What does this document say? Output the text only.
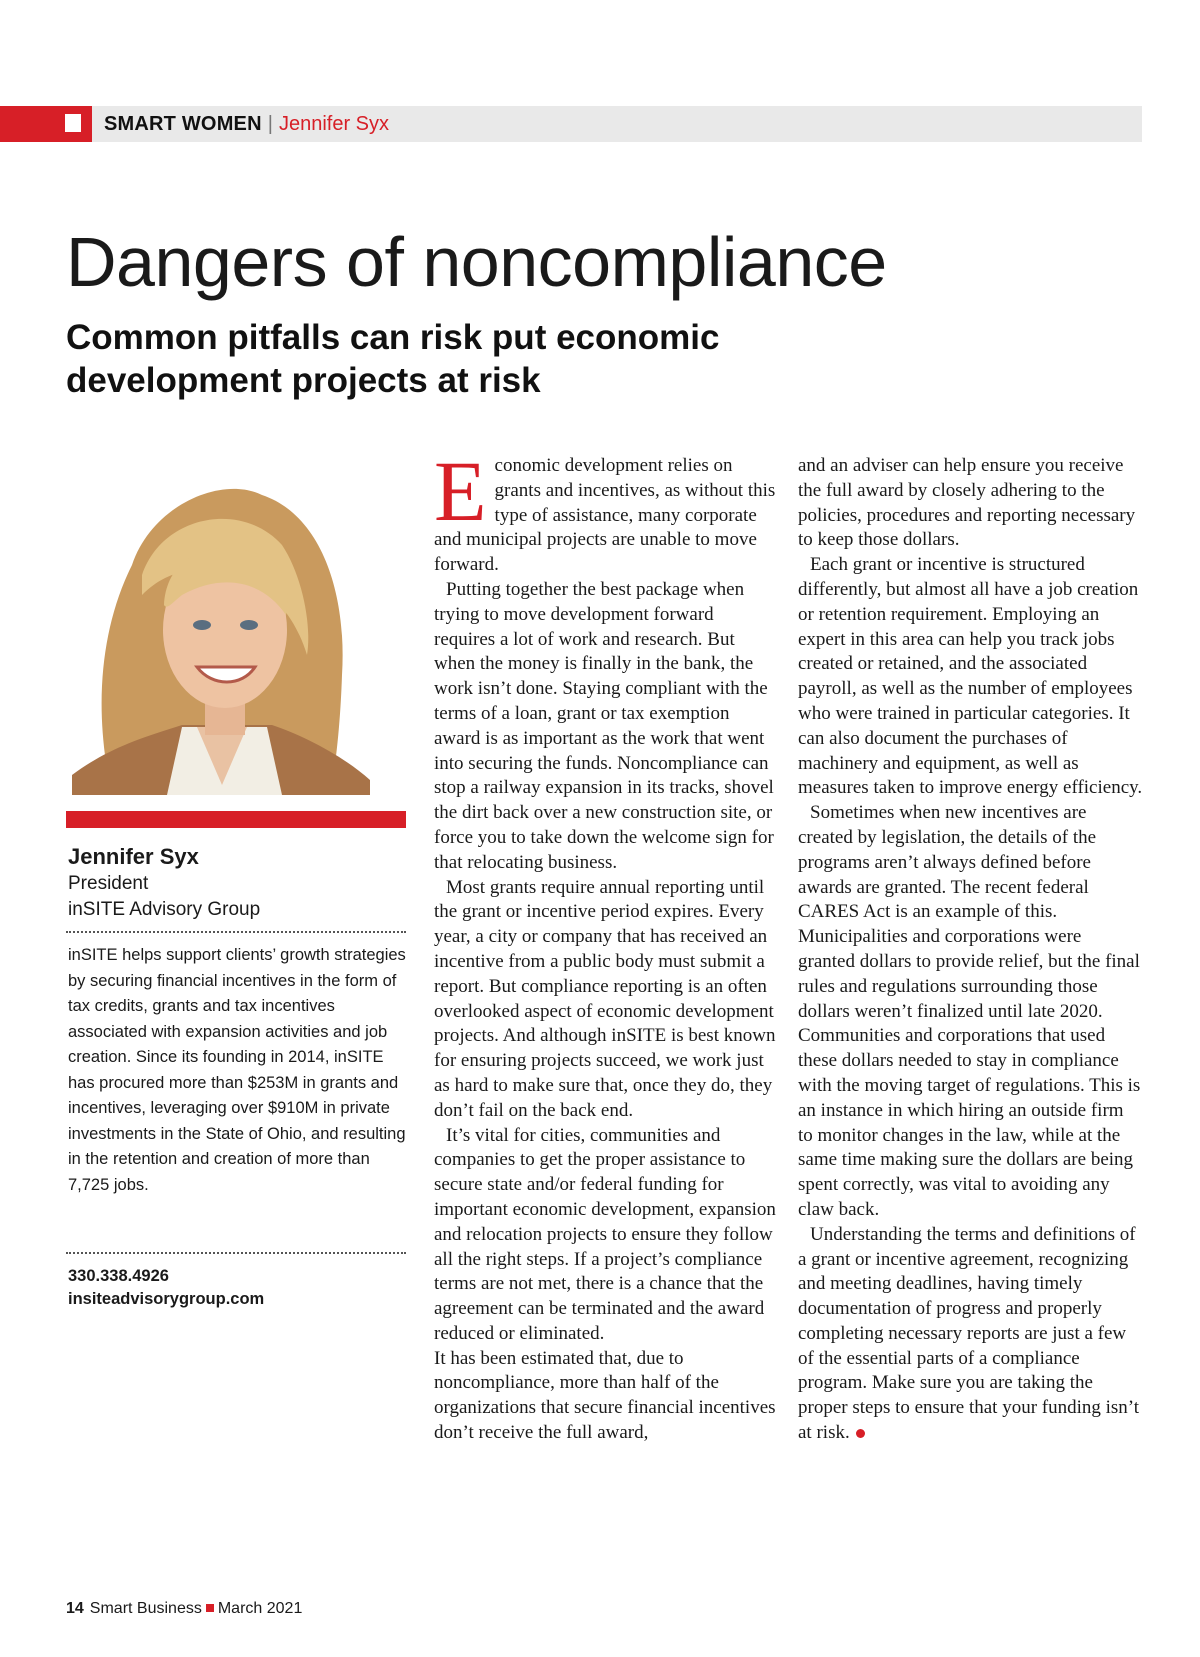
SMART WOMEN | Jennifer Syx
Dangers of noncompliance
Common pitfalls can risk put economic development projects at risk
Jennifer Syx
President
inSITE Advisory Group

inSITE helps support clients’ growth strategies by securing financial incentives in the form of tax credits, grants and tax incentives associated with expansion activities and job creation. Since its founding in 2014, inSITE has procured more than $253M in grants and incentives, leveraging over $910M in private investments in the State of Ohio, and resulting in the retention and creation of more than 7,725 jobs.

330.338.4926
insiteadvisorygroup.com

Economic development relies on grants and incentives, as without this type of assistance, many corporate and municipal projects are unable to move forward.

Putting together the best package when trying to move development forward requires a lot of work and research. But when the money is finally in the bank, the work isn’t done. Staying compliant with the terms of a loan, grant or tax exemption award is as important as the work that went into securing the funds. Noncompliance can stop a railway expansion in its tracks, shovel the dirt back over a new construction site, or force you to take down the welcome sign for that relocating business.

Most grants require annual reporting until the grant or incentive period expires. Every year, a city or company that has received an incentive from a public body must submit a report. But compliance reporting is an often overlooked aspect of economic development projects. And although inSITE is best known for ensuring projects succeed, we work just as hard to make sure that, once they do, they don’t fail on the back end.

It’s vital for cities, communities and companies to get the proper assistance to secure state and/or federal funding for important economic development, expansion and relocation projects to ensure they follow all the right steps. If a project’s compliance terms are not met, there is a chance that the agreement can be terminated and the award reduced or eliminated.

It has been estimated that, due to noncompliance, more than half of the organizations that secure financial incentives don’t receive the full award,

and an adviser can help ensure you receive the full award by closely adhering to the policies, procedures and reporting necessary to keep those dollars.

Each grant or incentive is structured differently, but almost all have a job creation or retention requirement. Employing an expert in this area can help you track jobs created or retained, and the associated payroll, as well as the number of employees who were trained in particular categories. It can also document the purchases of machinery and equipment, as well as measures taken to improve energy efficiency.

Sometimes when new incentives are created by legislation, the details of the programs aren’t always defined before awards are granted. The recent federal CARES Act is an example of this. Municipalities and corporations were granted dollars to provide relief, but the final rules and regulations surrounding those dollars weren’t finalized until late 2020. Communities and corporations that used these dollars needed to stay in compliance with the moving target of regulations. This is an instance in which hiring an outside firm to monitor changes in the law, while at the same time making sure the dollars are being spent correctly, was vital to avoiding any claw back.

Understanding the terms and definitions of a grant or incentive agreement, recognizing and meeting deadlines, having timely documentation of progress and properly completing necessary reports are just a few of the essential parts of a compliance program. Make sure you are taking the proper steps to ensure that your funding isn’t at risk.

14 Smart Business March 2021
